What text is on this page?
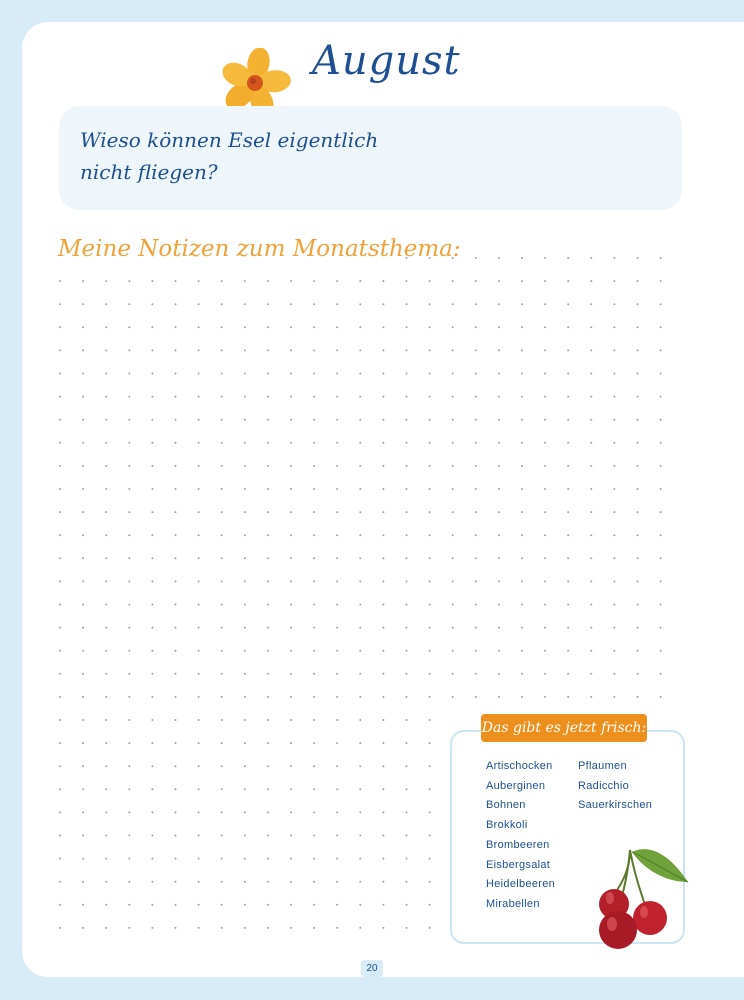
August
Wieso können Esel eigentlich
nicht fliegen?
Meine Notizen zum Monatsthema:
Das gibt es jetzt frisch:
Artischocken
Auberginen
Bohnen
Brokkoli
Brombeeren
Eisbergsalat
Heidelbeeren
Mirabellen
Pflaumen
Radicchio
Sauerkirschen
20
